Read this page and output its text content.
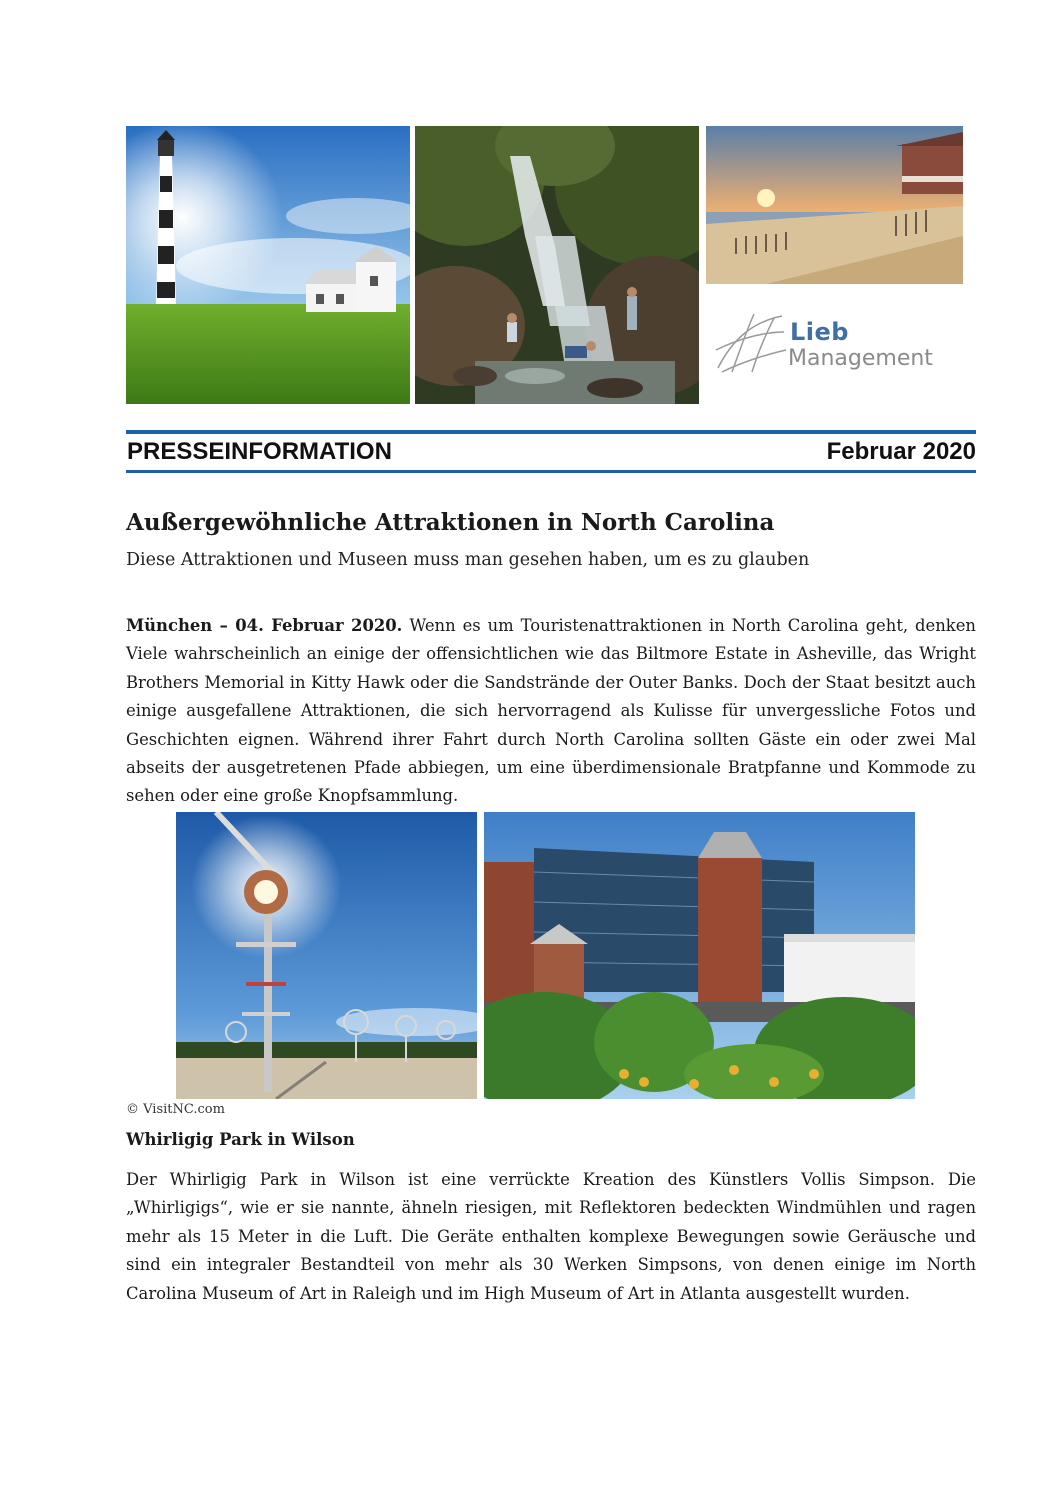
Lieb
Management
PRESSEINFORMATION	Februar 2020
Außergewöhnliche Attraktionen in North Carolina
Diese Attraktionen und Museen muss man gesehen haben, um es zu glauben
München – 04. Februar 2020. Wenn es um Touristenattraktionen in North Carolina geht, denken Viele wahrscheinlich an einige der offensichtlichen wie das Biltmore Estate in Asheville, das Wright Brothers Memorial in Kitty Hawk oder die Sandstrände der Outer Banks. Doch der Staat besitzt auch einige ausgefallene Attraktionen, die sich hervorragend als Kulisse für unvergessliche Fotos und Geschichten eignen. Während ihrer Fahrt durch North Carolina sollten Gäste ein oder zwei Mal abseits der ausgetretenen Pfade abbiegen, um eine überdimensionale Bratpfanne und Kommode zu sehen oder eine große Knopfsammlung.
© VisitNC.com
Whirligig Park in Wilson
Der Whirligig Park in Wilson ist eine verrückte Kreation des Künstlers Vollis Simpson. Die „Whirligigs“, wie er sie nannte, ähneln riesigen, mit Reflektoren bedeckten Windmühlen und ragen mehr als 15 Meter in die Luft. Die Geräte enthalten komplexe Bewegungen sowie Geräusche und sind ein integraler Bestandteil von mehr als 30 Werken Simpsons, von denen einige im North Carolina Museum of Art in Raleigh und im High Museum of Art in Atlanta ausgestellt wurden.
